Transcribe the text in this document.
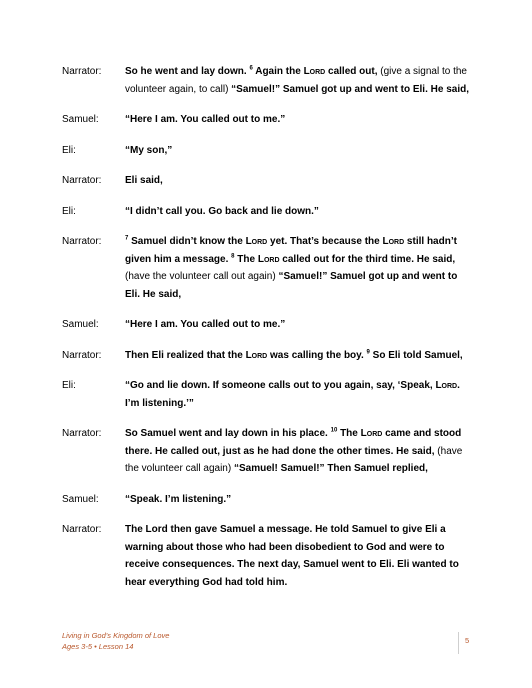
Narrator:	So he went and lay down. $^6$ Again the Lord called out, (give a signal to the volunteer again, to call) “Samuel!” Samuel got up and went to Eli. He said,
Samuel:	“Here I am. You called out to me.”
Eli:	“My son,”
Narrator:	Eli said,
Eli:	“I didn’t call you. Go back and lie down.”
Narrator:	$^7$ Samuel didn’t know the Lord yet. That’s because the Lord still hadn’t given him a message. $^8$ The Lord called out for the third time. He said, (have the volunteer call out again) “Samuel!” Samuel got up and went to Eli. He said,
Samuel:	“Here I am. You called out to me.”
Narrator:	Then Eli realized that the Lord was calling the boy. $^9$ So Eli told Samuel,
Eli:	“Go and lie down. If someone calls out to you again, say, ‘Speak, Lord. I’m listening.’”
Narrator:	So Samuel went and lay down in his place. $^{10}$ The Lord came and stood there. He called out, just as he had done the other times. He said, (have the volunteer call again) “Samuel! Samuel!” Then Samuel replied,
Samuel:	“Speak. I’m listening.”
Narrator:	The Lord then gave Samuel a message. He told Samuel to give Eli a warning about those who had been disobedient to God and were to receive consequences. The next day, Samuel went to Eli. Eli wanted to hear everything God had told him.
Living in God’s Kingdom of Love
Ages 3-5 • Lesson 14
5
